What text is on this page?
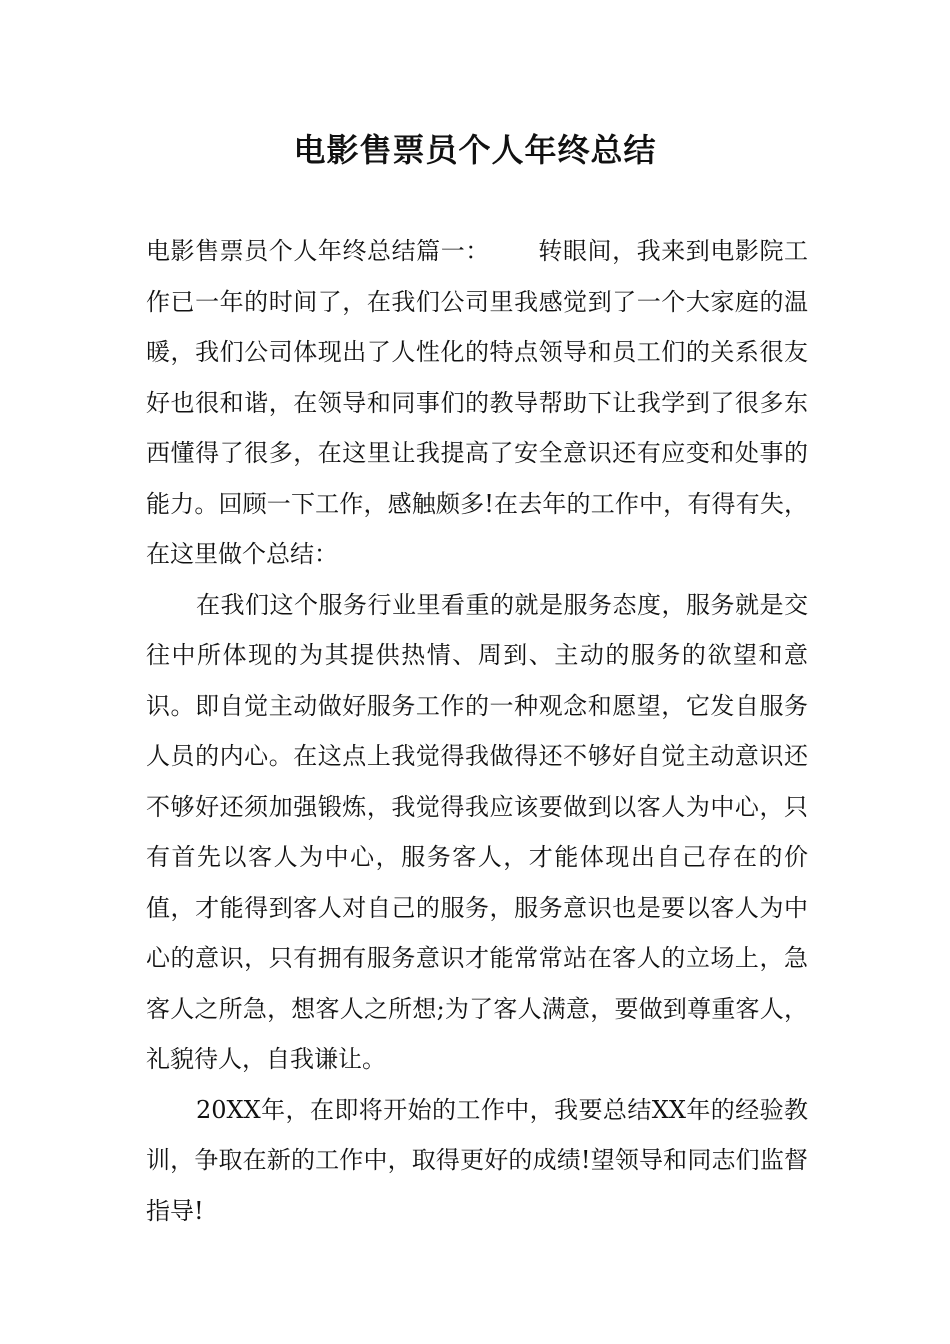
电影售票员个人年终总结

电影售票员个人年终总结篇一： 转眼间，我来到电影院工作已一年的时间了，在我们公司里我感觉到了一个大家庭的温暖，我们公司体现出了人性化的特点领导和员工们的关系很友好也很和谐，在领导和同事们的教导帮助下让我学到了很多东西懂得了很多，在这里让我提高了安全意识还有应变和处事的能力。回顾一下工作，感触颇多!在去年的工作中，有得有失，在这里做个总结：

在我们这个服务行业里看重的就是服务态度，服务就是交往中所体现的为其提供热情、周到、主动的服务的欲望和意识。即自觉主动做好服务工作的一种观念和愿望，它发自服务人员的内心。在这点上我觉得我做得还不够好自觉主动意识还不够好还须加强锻炼，我觉得我应该要做到以客人为中心，只有首先以客人为中心，服务客人，才能体现出自己存在的价值，才能得到客人对自己的服务，服务意识也是要以客人为中心的意识，只有拥有服务意识才能常常站在客人的立场上，急客人之所急，想客人之所想;为了客人满意，要做到尊重客人，礼貌待人，自我谦让。

20XX年，在即将开始的工作中，我要总结XX年的经验教训，争取在新的工作中，取得更好的成绩!望领导和同志们监督指导!
